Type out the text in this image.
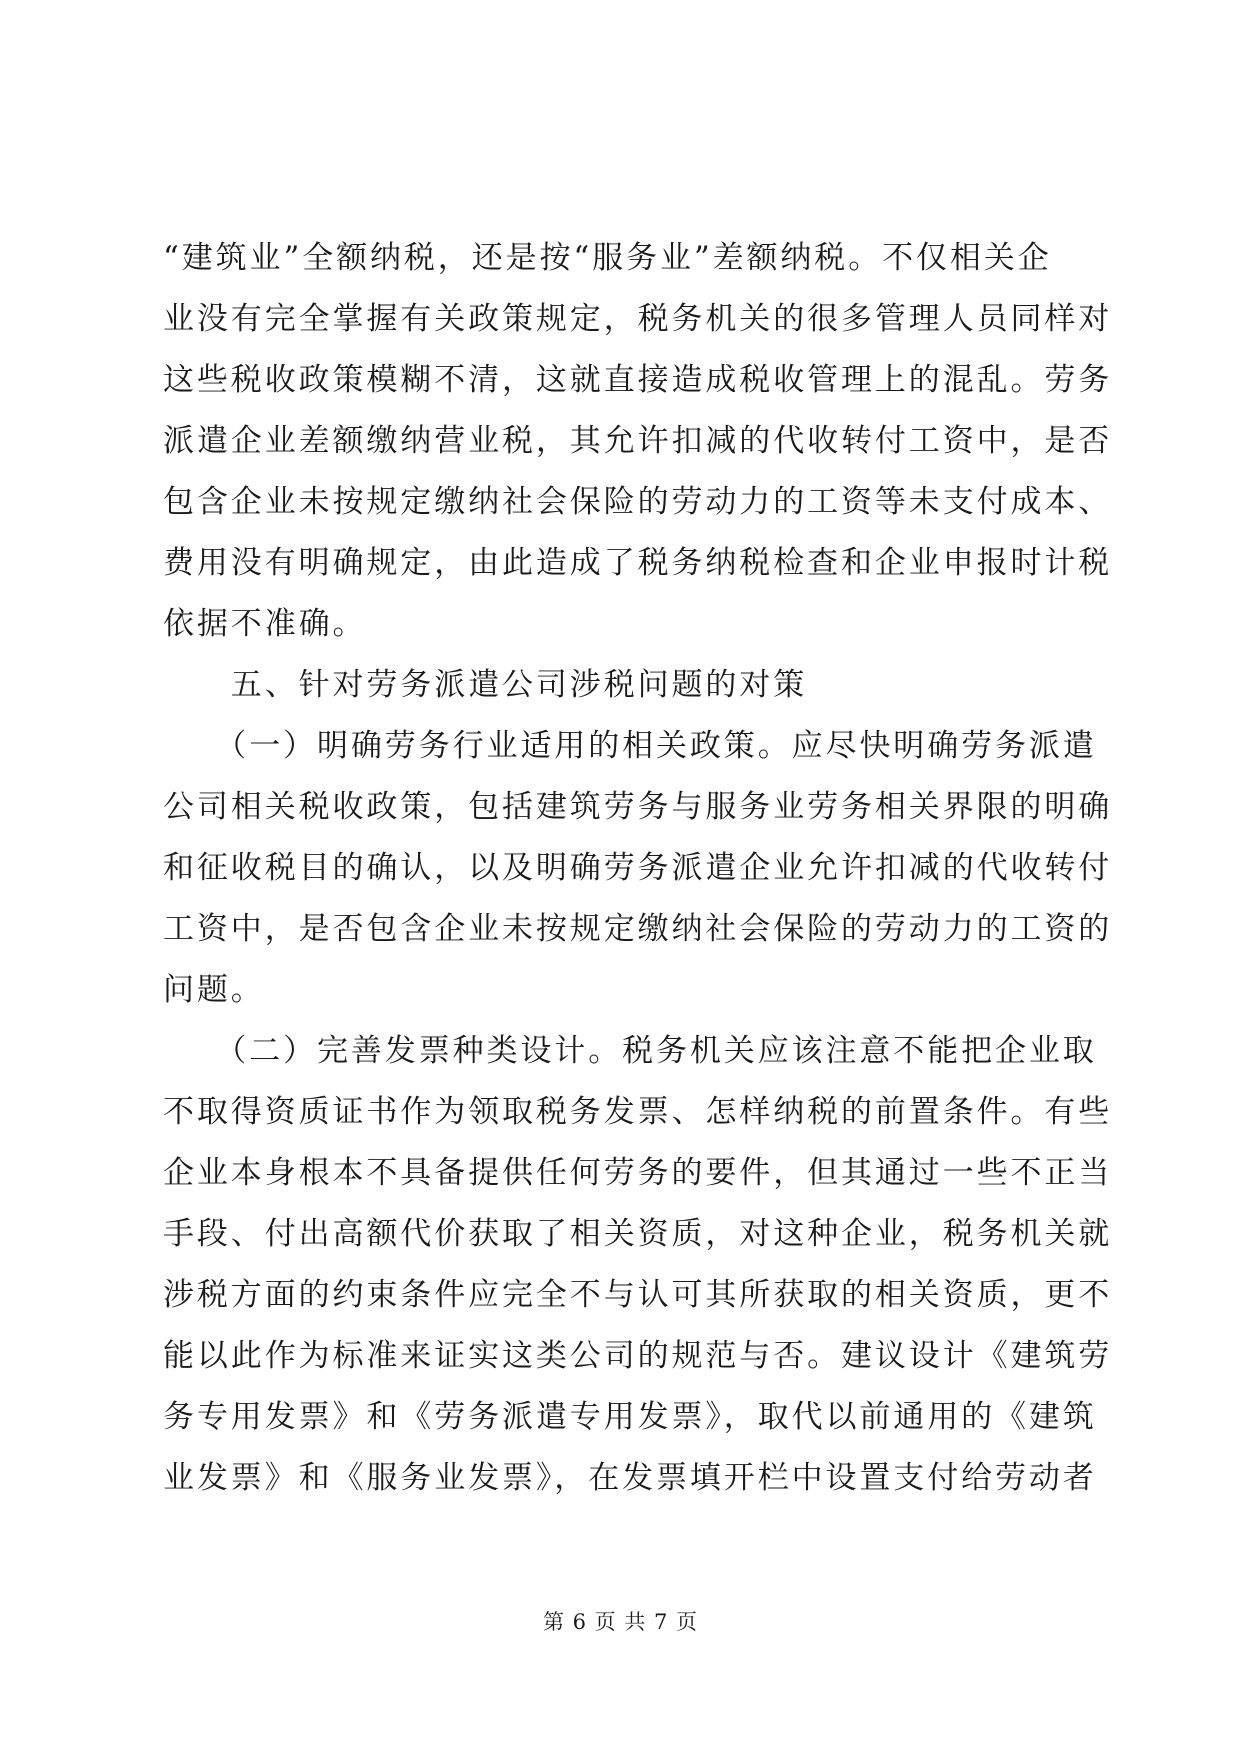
“建筑业”全额纳税，还是按“服务业”差额纳税。不仅相关企
业没有完全掌握有关政策规定，税务机关的很多管理人员同样对
这些税收政策模糊不清，这就直接造成税收管理上的混乱。劳务
派遣企业差额缴纳营业税，其允许扣减的代收转付工资中，是否
包含企业未按规定缴纳社会保险的劳动力的工资等未支付成本、
费用没有明确规定，由此造成了税务纳税检查和企业申报时计税
依据不准确。
　　五、针对劳务派遣公司涉税问题的对策
　　（一）明确劳务行业适用的相关政策。应尽快明确劳务派遣
公司相关税收政策，包括建筑劳务与服务业劳务相关界限的明确
和征收税目的确认，以及明确劳务派遣企业允许扣减的代收转付
工资中，是否包含企业未按规定缴纳社会保险的劳动力的工资的
问题。
　　（二）完善发票种类设计。税务机关应该注意不能把企业取
不取得资质证书作为领取税务发票、怎样纳税的前置条件。有些
企业本身根本不具备提供任何劳务的要件，但其通过一些不正当
手段、付出高额代价获取了相关资质，对这种企业，税务机关就
涉税方面的约束条件应完全不与认可其所获取的相关资质，更不
能以此作为标准来证实这类公司的规范与否。建议设计《建筑劳
务专用发票》和《劳务派遣专用发票》，取代以前通用的《建筑
业发票》和《服务业发票》，在发票填开栏中设置支付给劳动者
第 6 页 共 7 页
